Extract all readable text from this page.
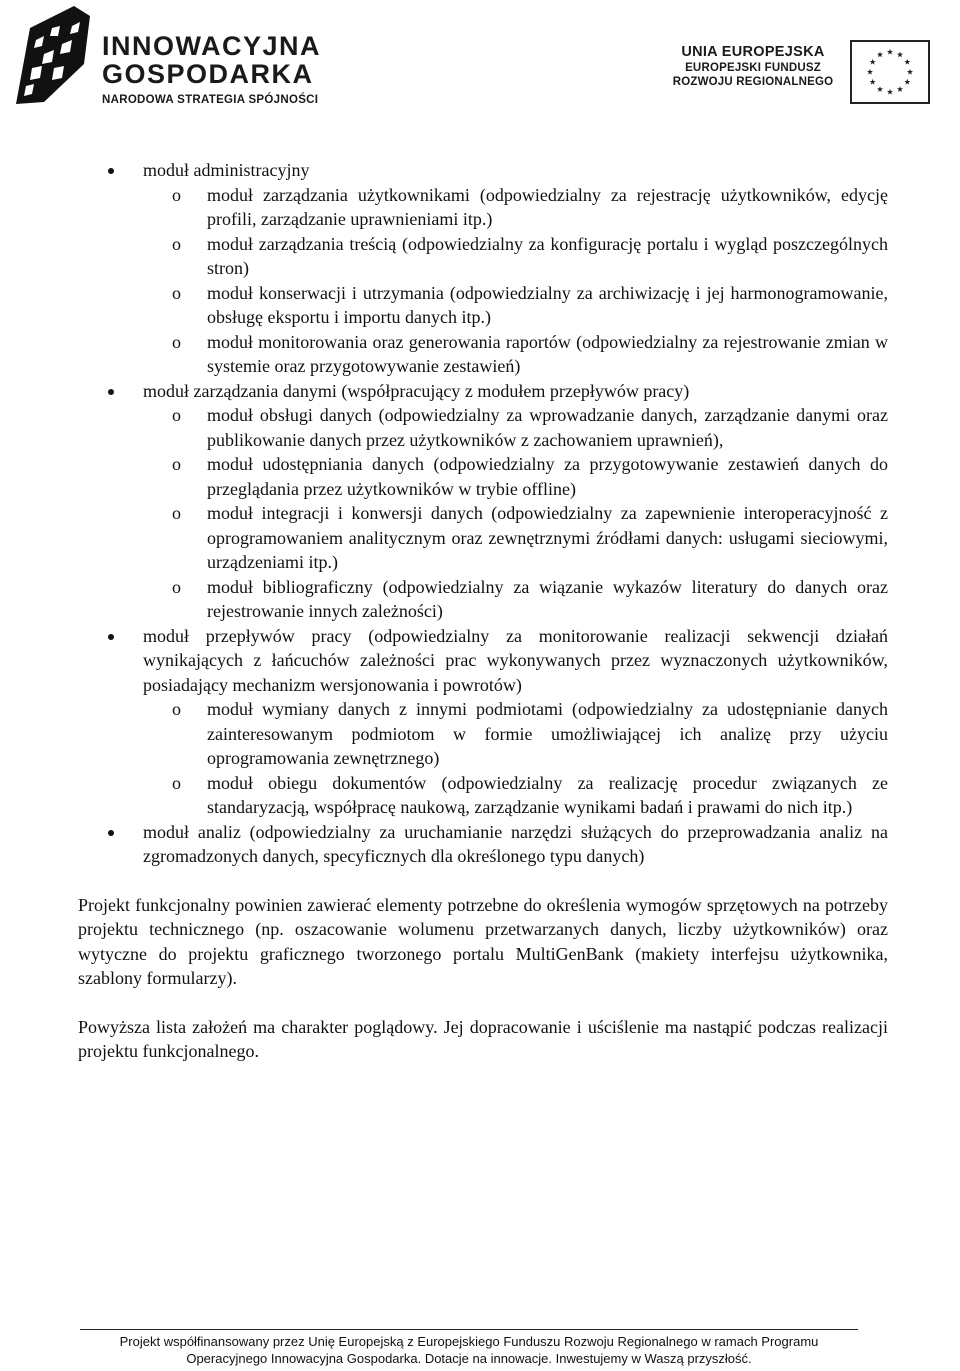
INNOWACYJNA
GOSPODARKA
NARODOWA STRATEGIA SPÓJNOŚCI
UNIA EUROPEJSKA
EUROPEJSKI FUNDUSZ
ROZWOJU REGIONALNEGO

moduł administracyjny

o moduł zarządzania użytkownikami (odpowiedzialny za rejestrację użytkowników, edycję profili, zarządzanie uprawnieniami itp.)

o moduł zarządzania treścią (odpowiedzialny za konfigurację portalu i wygląd poszczególnych stron)

o moduł konserwacji i utrzymania (odpowiedzialny za archiwizację i jej harmonogramowanie, obsługę eksportu i importu danych itp.)

o moduł monitorowania oraz generowania raportów (odpowiedzialny za rejestrowanie zmian w systemie oraz przygotowywanie zestawień)

moduł zarządzania danymi (współpracujący z modułem przepływów pracy)

o moduł obsługi danych (odpowiedzialny za wprowadzanie danych, zarządzanie danymi oraz publikowanie danych przez użytkowników z zachowaniem uprawnień),

o moduł udostępniania danych (odpowiedzialny za przygotowywanie zestawień danych do przeglądania przez użytkowników w trybie offline)

o moduł integracji i konwersji danych (odpowiedzialny za zapewnienie interoperacyjność z oprogramowaniem analitycznym oraz zewnętrznymi źródłami danych: usługami sieciowymi, urządzeniami itp.)

o moduł bibliograficzny (odpowiedzialny za wiązanie wykazów literatury do danych oraz rejestrowanie innych zależności)

moduł przepływów pracy (odpowiedzialny za monitorowanie realizacji sekwencji działań wynikających z łańcuchów zależności prac wykonywanych przez wyznaczonych użytkowników, posiadający mechanizm wersjonowania i powrotów)

o moduł wymiany danych z innymi podmiotami (odpowiedzialny za udostępnianie danych zainteresowanym podmiotom w formie umożliwiającej ich analizę przy użyciu oprogramowania zewnętrznego)

o moduł obiegu dokumentów (odpowiedzialny za realizację procedur związanych ze standaryzacją, współpracę naukową, zarządzanie wynikami badań i prawami do nich itp.)

moduł analiz (odpowiedzialny za uruchamianie narzędzi służących do przeprowadzania analiz na zgromadzonych danych, specyficznych dla określonego typu danych)

Projekt funkcjonalny powinien zawierać elementy potrzebne do określenia wymogów sprzętowych na potrzeby projektu technicznego (np. oszacowanie wolumenu przetwarzanych danych, liczby użytkowników) oraz wytyczne do projektu graficznego tworzonego portalu MultiGenBank (makiety interfejsu użytkownika, szablony formularzy).

Powyższa lista założeń ma charakter poglądowy. Jej dopracowanie i uściślenie ma nastąpić podczas realizacji projektu funkcjonalnego.

Projekt współfinansowany przez Unię Europejską z Europejskiego Funduszu Rozwoju Regionalnego w ramach Programu
Operacyjnego Innowacyjna Gospodarka. Dotacje na innowacje. Inwestujemy w Waszą przyszłość.
